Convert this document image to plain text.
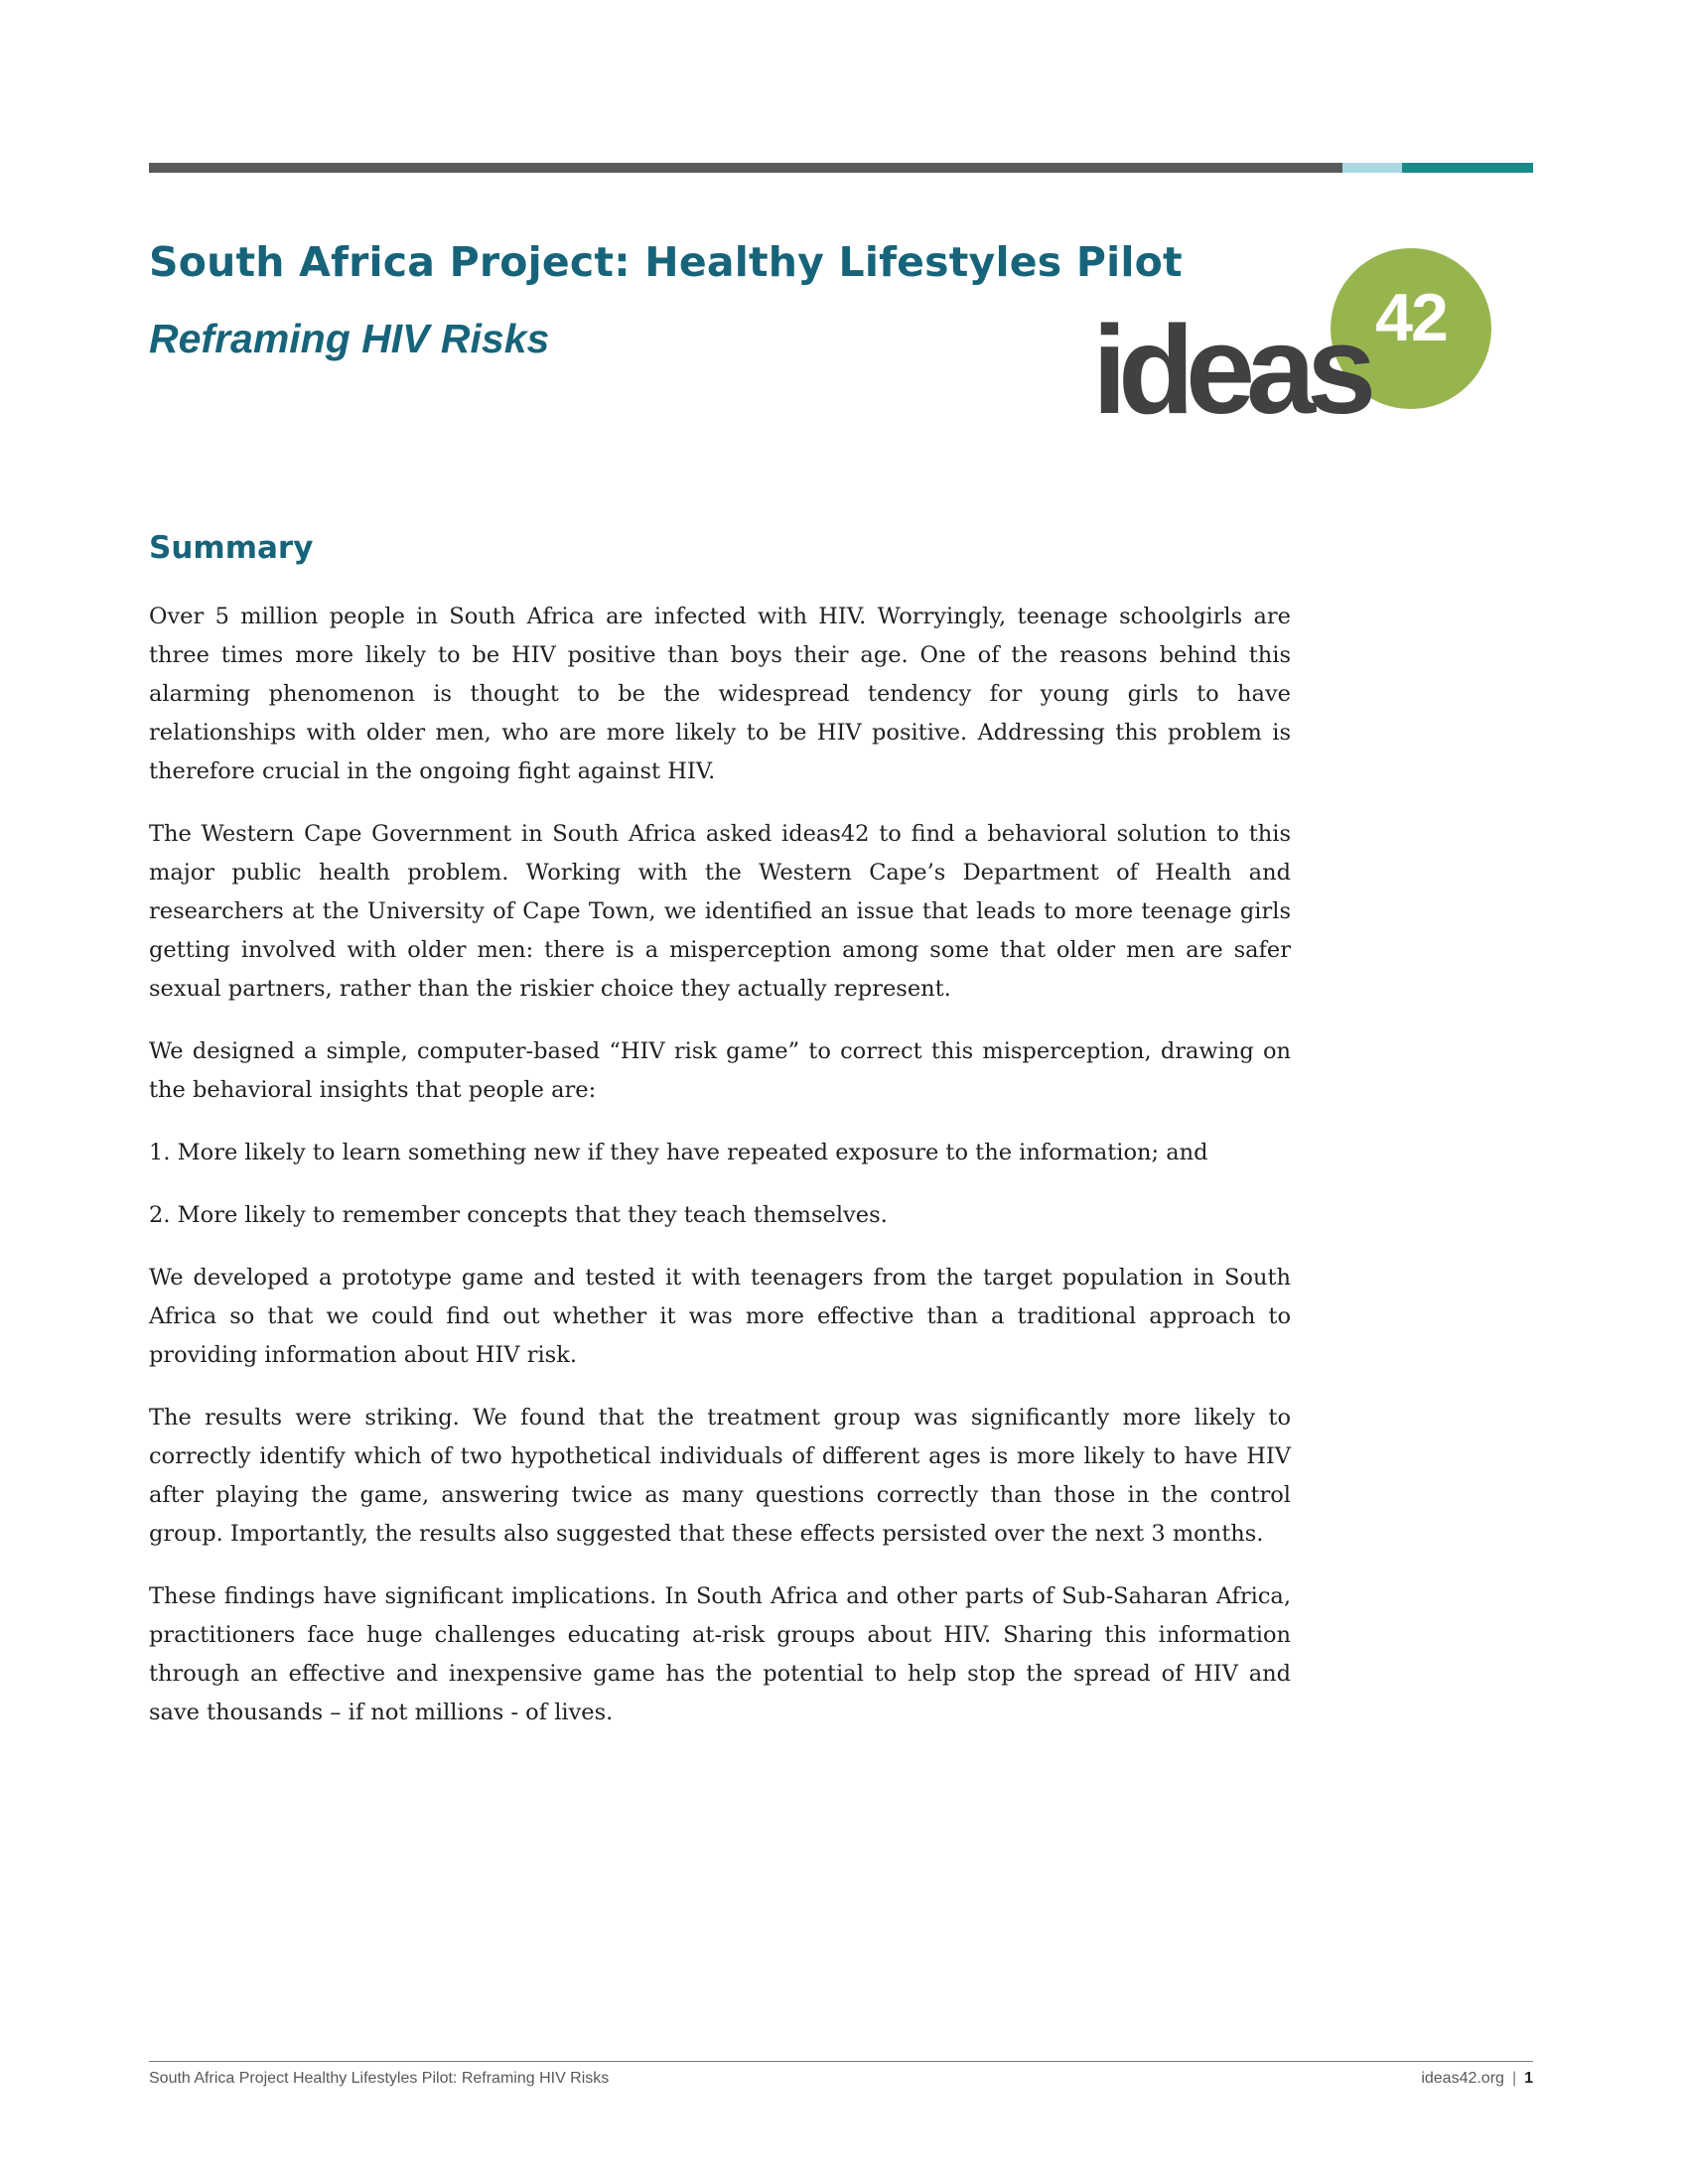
South Africa Project: Healthy Lifestyles Pilot
Reframing HIV Risks	42
ideas
Summary

Over 5 million people in South Africa are infected with HIV. Worryingly, teenage schoolgirls are three times more likely to be HIV positive than boys their age. One of the reasons behind this alarming phenomenon is thought to be the widespread tendency for young girls to have relationships with older men, who are more likely to be HIV positive. Addressing this problem is therefore crucial in the ongoing fight against HIV.

The Western Cape Government in South Africa asked ideas42 to find a behavioral solution to this major public health problem. Working with the Western Cape’s Department of Health and researchers at the University of Cape Town, we identified an issue that leads to more teenage girls getting involved with older men: there is a misperception among some that older men are safer sexual partners, rather than the riskier choice they actually represent.

We designed a simple, computer-based “HIV risk game” to correct this misperception, drawing on the behavioral insights that people are:

1. More likely to learn something new if they have repeated exposure to the information; and

2. More likely to remember concepts that they teach themselves.

We developed a prototype game and tested it with teenagers from the target population in South Africa so that we could find out whether it was more effective than a traditional approach to providing information about HIV risk.

The results were striking. We found that the treatment group was significantly more likely to correctly identify which of two hypothetical individuals of different ages is more likely to have HIV after playing the game, answering twice as many questions correctly than those in the control group. Importantly, the results also suggested that these effects persisted over the next 3 months.

These findings have significant implications. In South Africa and other parts of Sub-Saharan Africa, practitioners face huge challenges educating at-risk groups about HIV. Sharing this information through an effective and inexpensive game has the potential to help stop the spread of HIV and save thousands – if not millions - of lives.

South Africa Project Healthy Lifestyles Pilot: Reframing HIV Risks	ideas42.org | 1
